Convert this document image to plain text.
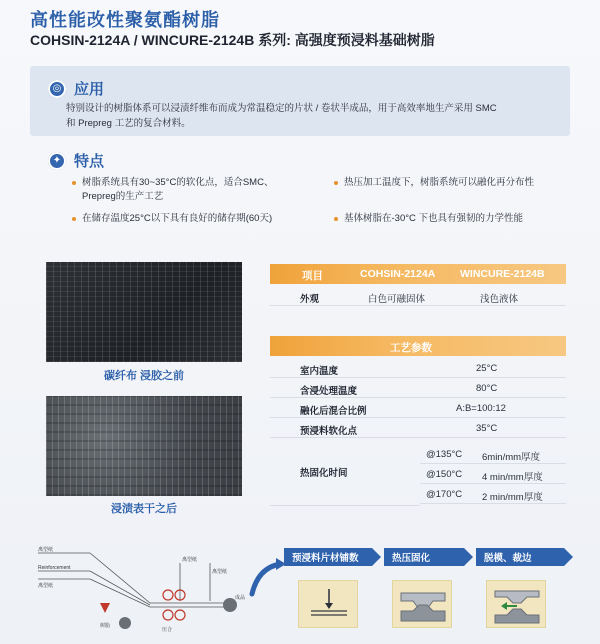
高性能改性聚氨酯树脂
COHSIN-2124A / WINCURE-2124B 系列: 高强度预浸料基础树脂
◎ 应用
特别设计的树脂体系可以浸渍纤维布而成为常温稳定的片状 / 卷状半成品，用于高效率地生产采用 SMC
和 Prepreg 工艺的复合材料。
✦ 特点
树脂系统具有30~35°C的软化点，适合SMC、
Prepreg的生产工艺
热压加工温度下，树脂系统可以融化再分布性
在储存温度25°C以下具有良好的储存期(60天)	基体树脂在-30°C 下也具有强韧的力学性能
碳纤布 浸胶之前
浸渍表干之后
项目	COHSIN-2124A WINCURE-2124B
外观	白色可融固体	浅色液体
工艺参数
室内温度	25°C
含浸处理温度	80°C
融化后混合比例	A:B=100:12
预浸料软化点	35°C
热固化时间
@135°C 6min/mm厚度
@150°C 4 min/mm厚度
@170°C 2 min/mm厚度
离型纸
树脂
Reinforcement
离型纸
离型纸
成品
离型纸
压合
预浸料片材铺数	热压固化	脱模、裁边
